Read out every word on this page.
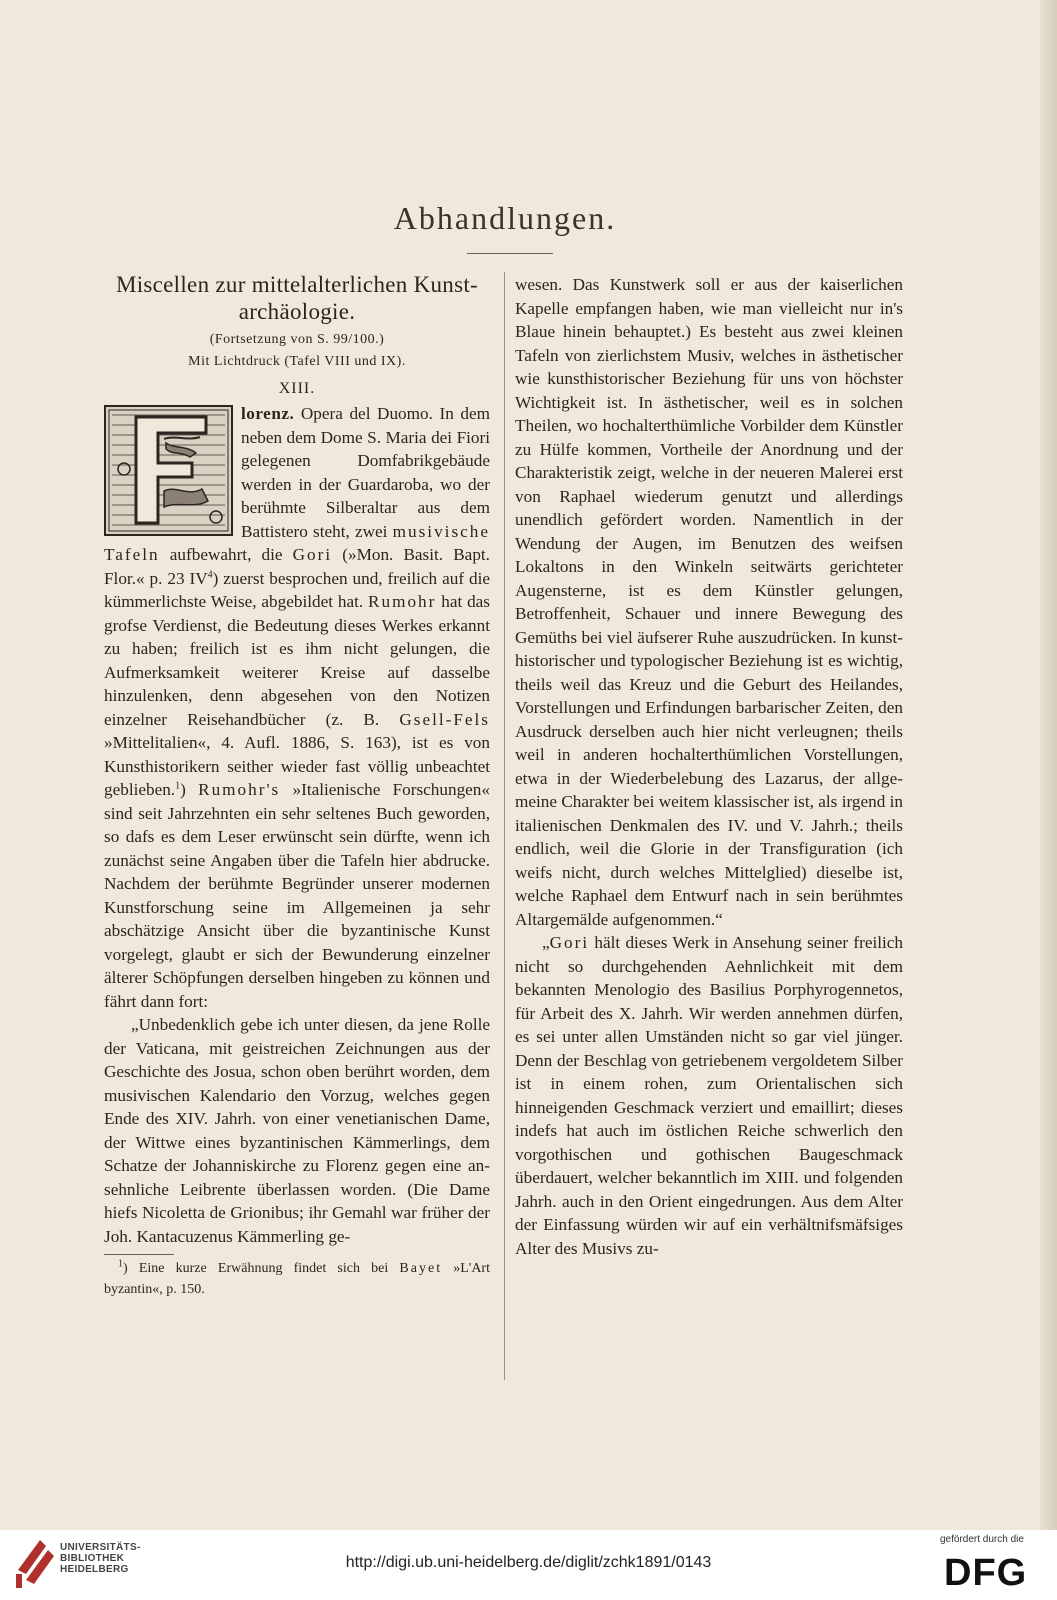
Abhandlungen.
Miscellen zur mittelalterlichen Kunst-archäologie.
(Fortsetzung von S. 99/100.)
Mit Lichtdruck (Tafel VIII und IX).
XIII.

lorenz. Opera del Duomo. In dem neben dem Dome S. Maria dei Fiori gelegenen Domfabrikgebäude werden in der Guardaroba, wo der berühmte Silberaltar aus dem Battistero steht, zwei musivische Tafeln aufbewahrt, die Gori (»Mon. Basit. Bapt. Flor.« p. 23 $IV^4$) zuerst besprochen und, freilich auf die kümmerlichste Weise, abgebildet hat. Rumohr hat das grofse Verdienst, die Bedeutung dieses Werkes erkannt zu haben; freilich ist es ihm nicht gelungen, die Aufmerksamkeit weiterer Kreise auf dasselbe hinzulenken, denn abgesehen von den Notizen einzelner Reisehandbücher (z. B. Gsell-Fels »Mittelitalien«, 4. Aufl. 1886, S. 163), ist es von Kunsthistorikern seither wieder fast völlig unbeachtet geblieben.$^1$) Rumohr's »Italienische Forschungen« sind seit Jahrzehnten ein sehr seltenes Buch geworden, so dafs es dem Leser erwünscht sein dürfte, wenn ich zunächst seine Angaben über die Tafeln hier abdrucke. Nachdem der berühmte Begründer unserer modernen Kunstforschung seine im Allgemeinen ja sehr abschätzige Ansicht über die byzantinische Kunst vorgelegt, glaubt er sich der Bewunderung einzelner älterer Schöpfungen derselben hingeben zu können und fährt dann fort:

„Unbedenklich gebe ich unter diesen, da jene Rolle der Vaticana, mit geistreichen Zeichnungen aus der Geschichte des Josua, schon oben berührt worden, dem musivischen Kalendario den Vorzug, welches gegen Ende des XIV. Jahrh. von einer venetianischen Dame, der Wittwe eines byzantinischen Kämmerlings, dem Schatze der Johanniskirche zu Florenz gegen eine ansehnliche Leibrente überlassen worden. (Die Dame hiefs Nicoletta de Grionibus; ihr Gemahl war früher der Joh. Kantacuzenus Kämmerling ge-

$^1$) Eine kurze Erwähnung findet sich bei Bayet »L'Art byzantin«, p. 150.

wesen. Das Kunstwerk soll er aus der kaiserlichen Kapelle empfangen haben, wie man vielleicht nur in's Blaue hinein behauptet.) Es besteht aus zwei kleinen Tafeln von zierlichstem Musiv, welches in ästhetischer wie kunsthistorischer Beziehung für uns von höchster Wichtigkeit ist. In ästhetischer, weil es in solchen Theilen, wo hochalterthümliche Vorbilder dem Künstler zu Hülfe kommen, Vortheile der Anordnung und der Charakteristik zeigt, welche in der neueren Malerei erst von Raphael wiederum genutzt und allerdings unendlich gefördert worden. Namentlich in der Wendung der Augen, im Benutzen des weifsen Lokaltons in den Winkeln seitwärts gerichteter Augensterne, ist es dem Künstler gelungen, Betroffenheit, Schauer und innere Bewegung des Gemüths bei viel äufserer Ruhe auszudrücken. In kunsthistorischer und typologischer Beziehung ist es wichtig, theils weil das Kreuz und die Geburt des Heilandes, Vorstellungen und Erfindungen barbarischer Zeiten, den Ausdruck derselben auch hier nicht verleugnen; theils weil in anderen hochalterthümlichen Vorstellungen, etwa in der Wiederbelebung des Lazarus, der allgemeine Charakter bei weitem klassischer ist, als irgend in italienischen Denkmalen des IV. und V. Jahrh.; theils endlich, weil die Glorie in der Transfiguration (ich weifs nicht, durch welches Mittelglied) dieselbe ist, welche Raphael dem Entwurf nach in sein berühmtes Altargemälde aufgenommen.“

„Gori hält dieses Werk in Ansehung seiner freilich nicht so durchgehenden Aehnlichkeit mit dem bekannten Menologio des Basilius Porphyrogennetos, für Arbeit des X. Jahrh. Wir werden annehmen dürfen, es sei unter allen Umständen nicht so gar viel jünger. Denn der Beschlag von getriebenem vergoldetem Silber ist in einem rohen, zum Orientalischen sich hinneigenden Geschmack verziert und emaillirt; dieses indefs hat auch im östlichen Reiche schwerlich den vorgothischen und gothischen Baugeschmack überdauert, welcher bekanntlich im XIII. und folgenden Jahrh. auch in den Orient eingedrungen. Aus dem Alter der Einfassung würden wir auf ein verhältnifsmäfsiges Alter des Musivs zu-

UNIVERSITÄTS-
BIBLIOTHEK
HEIDELBERG	http://digi.ub.uni-heidelberg.de/diglit/zchk1891/0143
gefördert durch die
DFG
